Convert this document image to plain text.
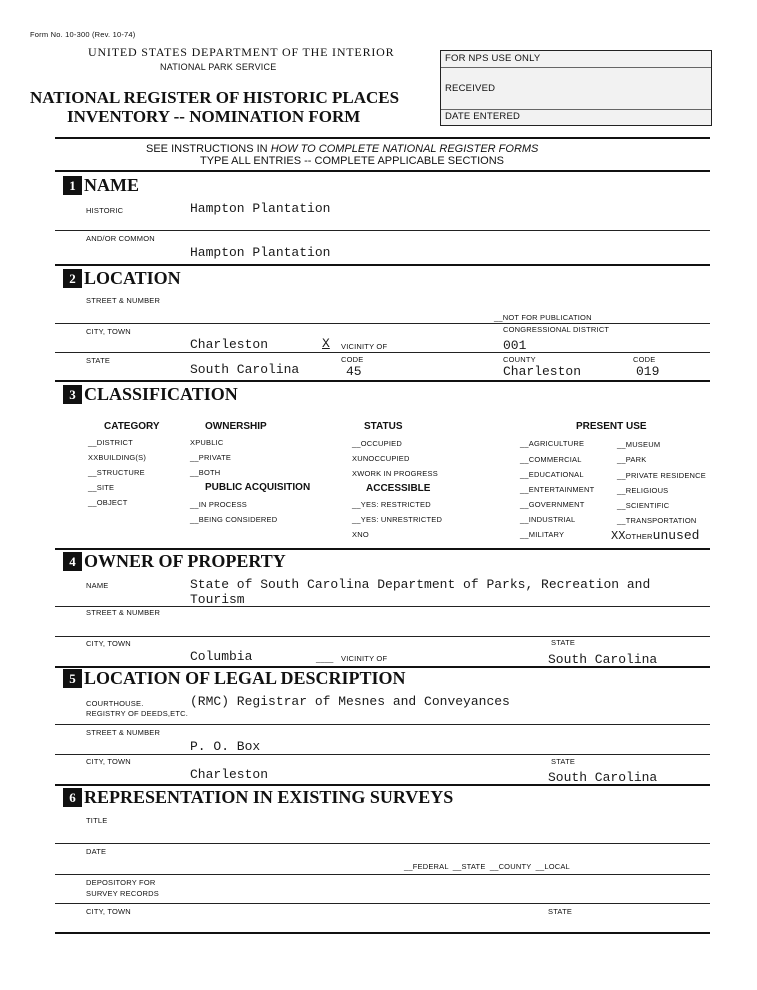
Form No. 10-300 (Rev. 10-74)
UNITED STATES DEPARTMENT OF THE INTERIOR
NATIONAL PARK SERVICE
NATIONAL REGISTER OF HISTORIC PLACES
INVENTORY -- NOMINATION FORM
FOR NPS USE ONLY
RECEIVED
DATE ENTERED
SEE INSTRUCTIONS IN HOW TO COMPLETE NATIONAL REGISTER FORMS
TYPE ALL ENTRIES -- COMPLETE APPLICABLE SECTIONS
1 NAME
HISTORIC	Hampton Plantation
AND/OR COMMON
Hampton Plantation
2 LOCATION
STREET & NUMBER
__NOT FOR PUBLICATION
CITY, TOWN	CONGRESSIONAL DISTRICT
Charleston	X VICINITY OF	001
STATE	CODE	COUNTY	CODE
South Carolina	45	Charleston	019
3 CLASSIFICATION
CATEGORY	OWNERSHIP	STATUS	PRESENT USE
__DISTRICT
XXBUILDING(S)
__STRUCTURE
__SITE
__OBJECT
XPUBLIC
__PRIVATE
__BOTH
PUBLIC ACQUISITION
__IN PROCESS
__BEING CONSIDERED
__OCCUPIED
XUNOCCUPIED
XWORK IN PROGRESS
ACCESSIBLE
__YES: RESTRICTED
__YES: UNRESTRICTED
XNO
__AGRICULTURE
__COMMERCIAL
__EDUCATIONAL
__ENTERTAINMENT
__GOVERNMENT
__INDUSTRIAL
__MILITARY
__MUSEUM
__PARK
__PRIVATE RESIDENCE
__RELIGIOUS
__SCIENTIFIC
__TRANSPORTATION
XXOTHERunused
4 OWNER OF PROPERTY
NAME	State of South Carolina Department of Parks, Recreation and
Tourism
STREET & NUMBER
CITY, TOWN	STATE
Columbia	____ VICINITY OF	South Carolina
5 LOCATION OF LEGAL DESCRIPTION
COURTHOUSE.
REGISTRY OF DEEDS,ETC.
(RMC) Registrar of Mesnes and Conveyances
STREET & NUMBER
P. O. Box
CITY, TOWN	STATE
Charleston	South Carolina
6 REPRESENTATION IN EXISTING SURVEYS
TITLE
DATE
__FEDERAL __STATE __COUNTY __LOCAL
DEPOSITORY FOR
SURVEY RECORDS
CITY, TOWN	STATE
